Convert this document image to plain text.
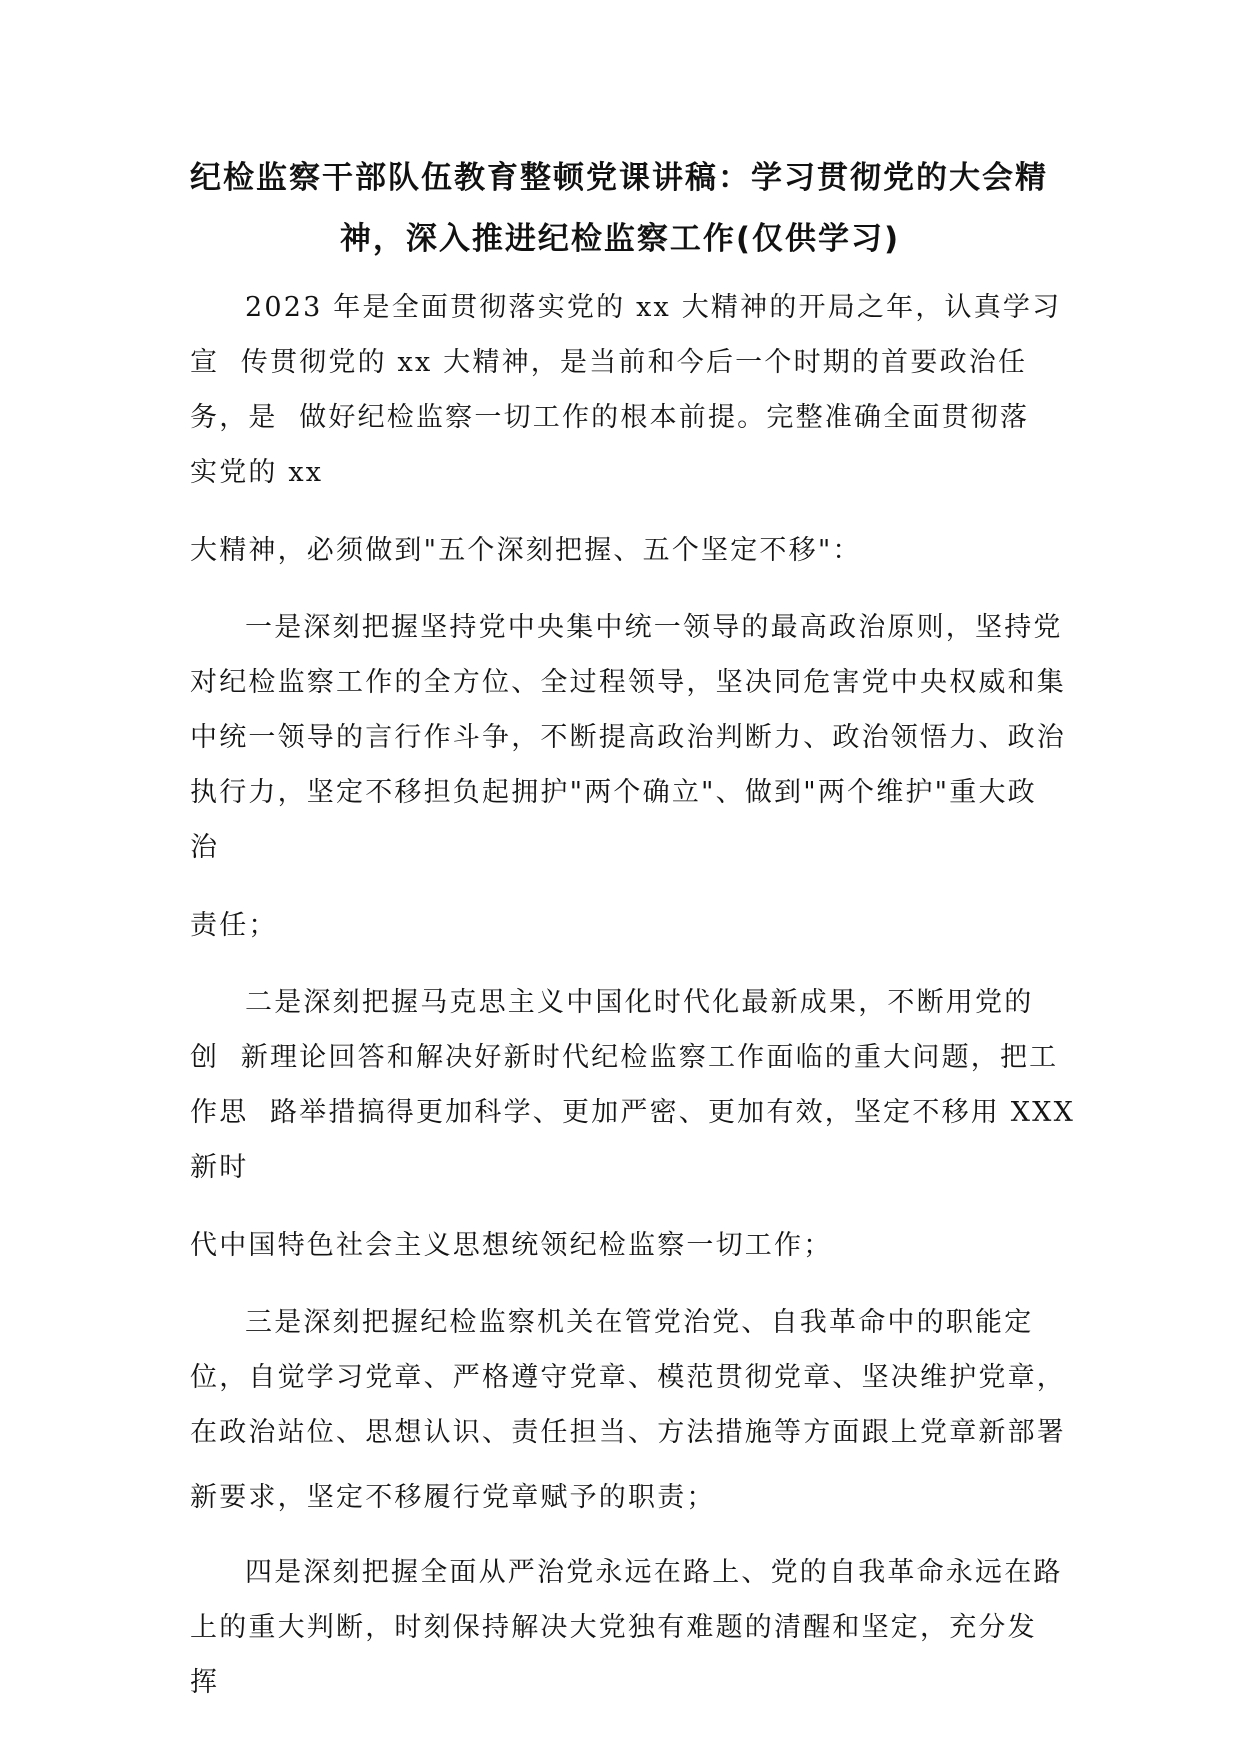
纪检监察干部队伍教育整顿党课讲稿：学习贯彻党的大会精
神，深入推进纪检监察工作(仅供学习)
2023 年是全面贯彻落实党的 xx 大精神的开局之年，认真学习
宣  传贯彻党的 xx 大精神，是当前和今后一个时期的首要政治任
务，是  做好纪检监察一切工作的根本前提。完整准确全面贯彻落
实党的 xx
大精神，必须做到"五个深刻把握、五个坚定不移"：
一是深刻把握坚持党中央集中统一领导的最高政治原则，坚持党
对纪检监察工作的全方位、全过程领导，坚决同危害党中央权威和集
中统一领导的言行作斗争，不断提高政治判断力、政治领悟力、政治
执行力，坚定不移担负起拥护"两个确立"、做到"两个维护"重大政
治
责任；
二是深刻把握马克思主义中国化时代化最新成果，不断用党的
创  新理论回答和解决好新时代纪检监察工作面临的重大问题，把工
作思  路举措搞得更加科学、更加严密、更加有效，坚定不移用 XXX
新时
代中国特色社会主义思想统领纪检监察一切工作；
三是深刻把握纪检监察机关在管党治党、自我革命中的职能定
位，自觉学习党章、严格遵守党章、模范贯彻党章、坚决维护党章，
在政治站位、思想认识、责任担当、方法措施等方面跟上党章新部署
新要求，坚定不移履行党章赋予的职责；
四是深刻把握全面从严治党永远在路上、党的自我革命永远在路
上的重大判断，时刻保持解决大党独有难题的清醒和坚定，充分发
挥
